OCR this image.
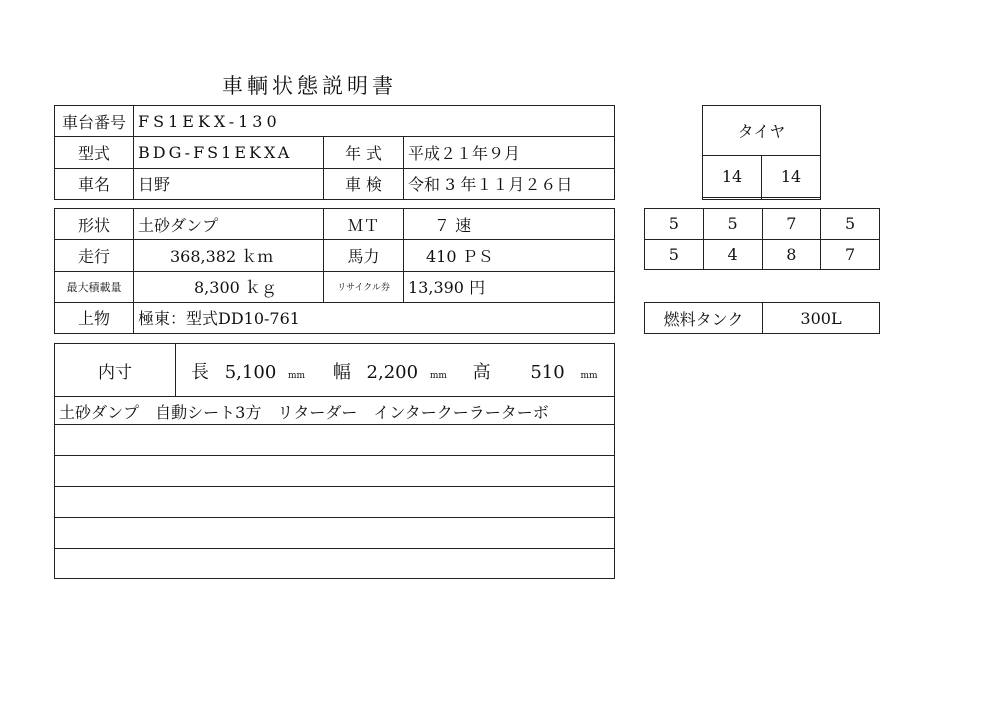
車輌状態説明書
車台番号	FS1EKX-130		
型式	BDG-FS1EKXA	年 式	平成２１年９月
車名	日野	車 検	令和 3 年１１月２６日
形状	土砂ダンプ	ＭＴ	７ 速
走行	368,382 ｋｍ	馬力	410 ＰＳ
最大積載量	8,300 ｋｇ	リサイクル券	13,390 円
上物	極東：型式DD10-761		
内寸	長 5,100 mm 幅 2,200 mm 高 510 mm
土砂ダンプ　自動シート3方　リターダー　インタークーラーターボ
タイヤ	
14	14

5	5	7	5
5	4	8	7
燃料タンク	300L
